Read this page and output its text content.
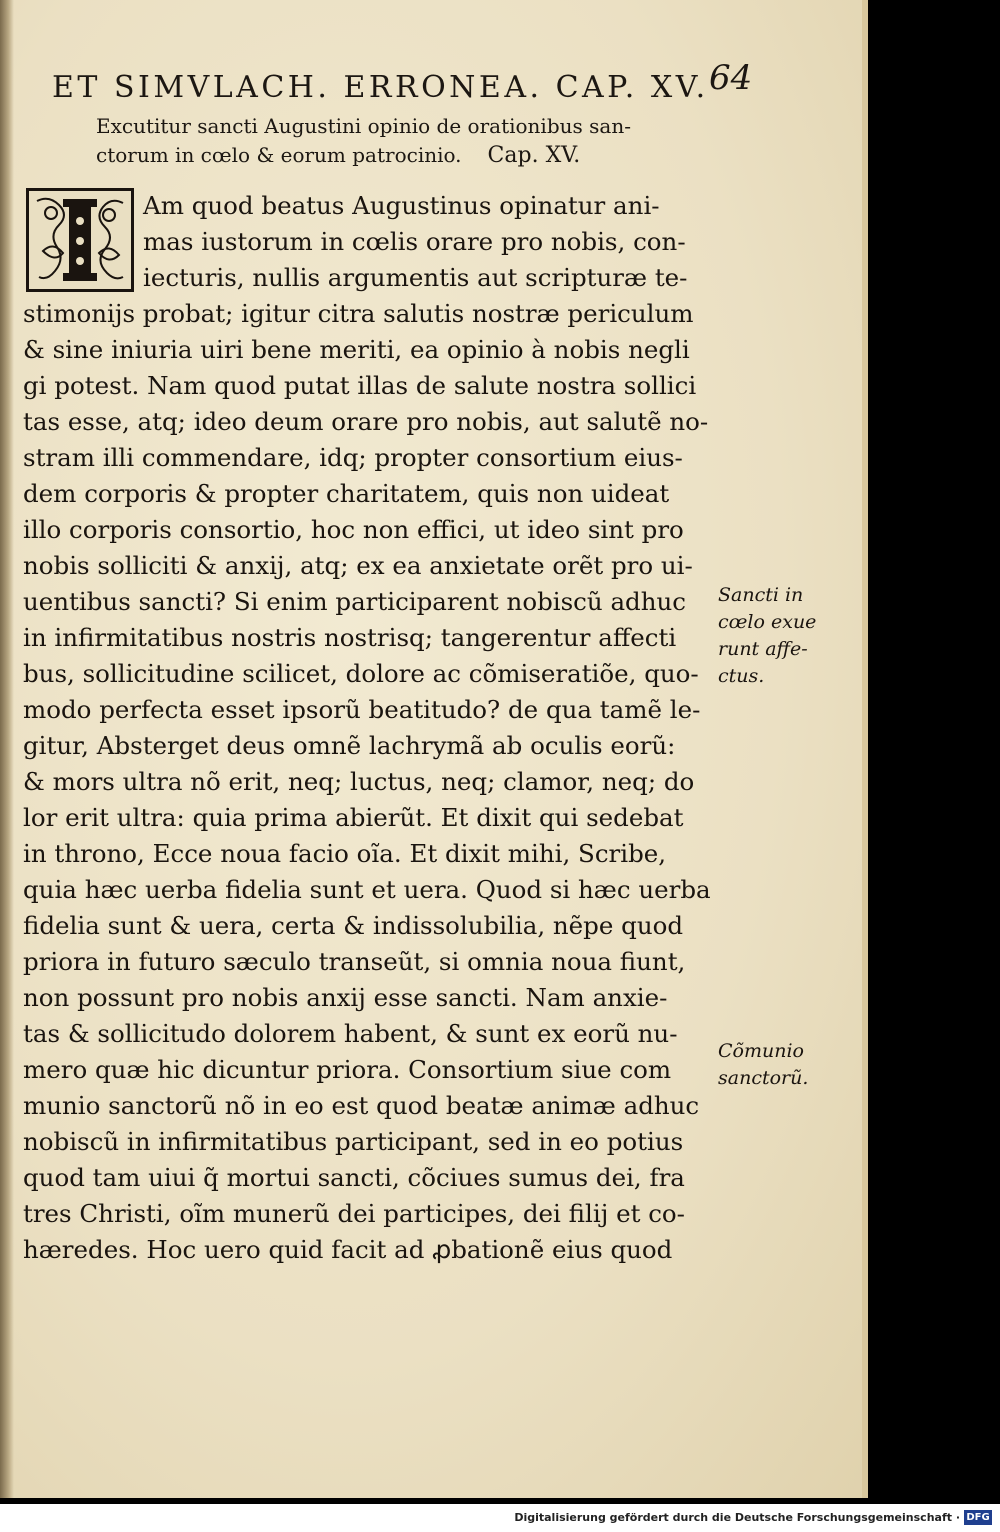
ET SIMVLACH. ERRONEA. CAP. XV. 64
Excutitur sancti Augustini opinio de orationibus san-
ctorum in cœlo & eorum patrocinio. Cap. XV.
I
Am quod beatus Augustinus opinatur ani-
mas iustorum in cœlis orare pro nobis, con-
iecturis, nullis argumentis aut scripturæ te-
stimonijs probat; igitur citra salutis nostræ periculum
& sine iniuria uiri bene meriti, ea opinio à nobis negli
gi potest. Nam quod putat illas de salute nostra sollici
tas esse, atq; ideo deum orare pro nobis, aut salutẽ no-
stram illi commendare, idq; propter consortium eius-
dem corporis & propter charitatem, quis non uideat
illo corporis consortio, hoc non effici, ut ideo sint pro
nobis solliciti & anxij, atq; ex ea anxietate orẽt pro ui-
uentibus sancti? Si enim participarent nobiscũ adhuc
in infirmitatibus nostris nostrisq; tangerentur affecti
bus, sollicitudine scilicet, dolore ac cõmiseratiõe, quo-
modo perfecta esset ipsorũ beatitudo? de qua tamẽ le-
gitur, Absterget deus omnẽ lachrymã ab oculis eorũ:
& mors ultra nõ erit, neq; luctus, neq; clamor, neq; do
lor erit ultra: quia prima abierũt. Et dixit qui sedebat
in throno, Ecce noua facio oĩa. Et dixit mihi, Scribe,
quia hæc uerba fidelia sunt et uera. Quod si hæc uerba
fidelia sunt & uera, certa & indissolubilia, nẽpe quod
priora in futuro sæculo transeũt, si omnia noua fiunt,
non possunt pro nobis anxij esse sancti. Nam anxie-
tas & sollicitudo dolorem habent, & sunt ex eorũ nu-
mero quæ hic dicuntur priora. Consortium siue com
munio sanctorũ nõ in eo est quod beatæ animæ adhuc
nobiscũ in infirmitatibus participant, sed in eo potius
quod tam uiui q̃ mortui sancti, cõciues sumus dei, fra
tres Christi, oĩm munerũ dei participes, dei filij et co-
hæredes. Hoc uero quid facit ad ꝓbationẽ eius quod
Sancti in
cœlo exue
runt affe-
ctus.
Cõmunio
sanctorũ.
Digitalisierung gefördert durch die Deutsche Forschungsgemeinschaft · DFG
